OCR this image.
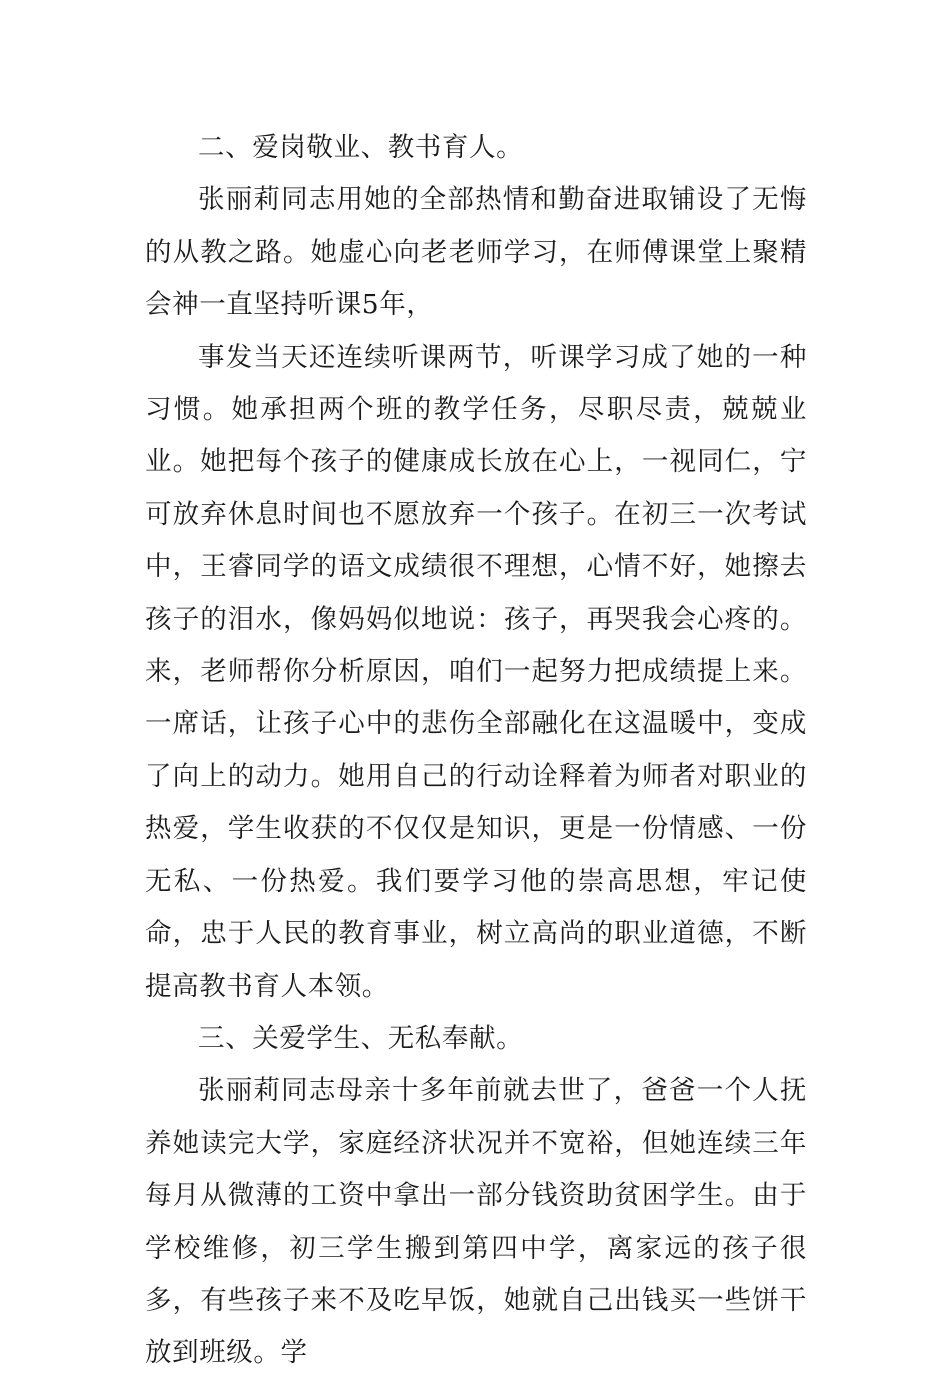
二、爱岗敬业、教书育人。

张丽莉同志用她的全部热情和勤奋进取铺设了无悔的从教之路。她虚心向老老师学习，在师傅课堂上聚精会神一直坚持听课5年，

事发当天还连续听课两节，听课学习成了她的一种习惯。她承担两个班的教学任务，尽职尽责，兢兢业业。她把每个孩子的健康成长放在心上，一视同仁，宁可放弃休息时间也不愿放弃一个孩子。在初三一次考试中，王睿同学的语文成绩很不理想，心情不好，她擦去孩子的泪水，像妈妈似地说：孩子，再哭我会心疼的。来，老师帮你分析原因，咱们一起努力把成绩提上来。一席话，让孩子心中的悲伤全部融化在这温暖中，变成了向上的动力。她用自己的行动诠释着为师者对职业的热爱，学生收获的不仅仅是知识，更是一份情感、一份无私、一份热爱。我们要学习他的崇高思想，牢记使命，忠于人民的教育事业，树立高尚的职业道德，不断提高教书育人本领。

三、关爱学生、无私奉献。

张丽莉同志母亲十多年前就去世了，爸爸一个人抚养她读完大学，家庭经济状况并不宽裕，但她连续三年每月从微薄的工资中拿出一部分钱资助贫困学生。由于学校维修，初三学生搬到第四中学，离家远的孩子很多，有些孩子来不及吃早饭，她就自己出钱买一些饼干放到班级。学
